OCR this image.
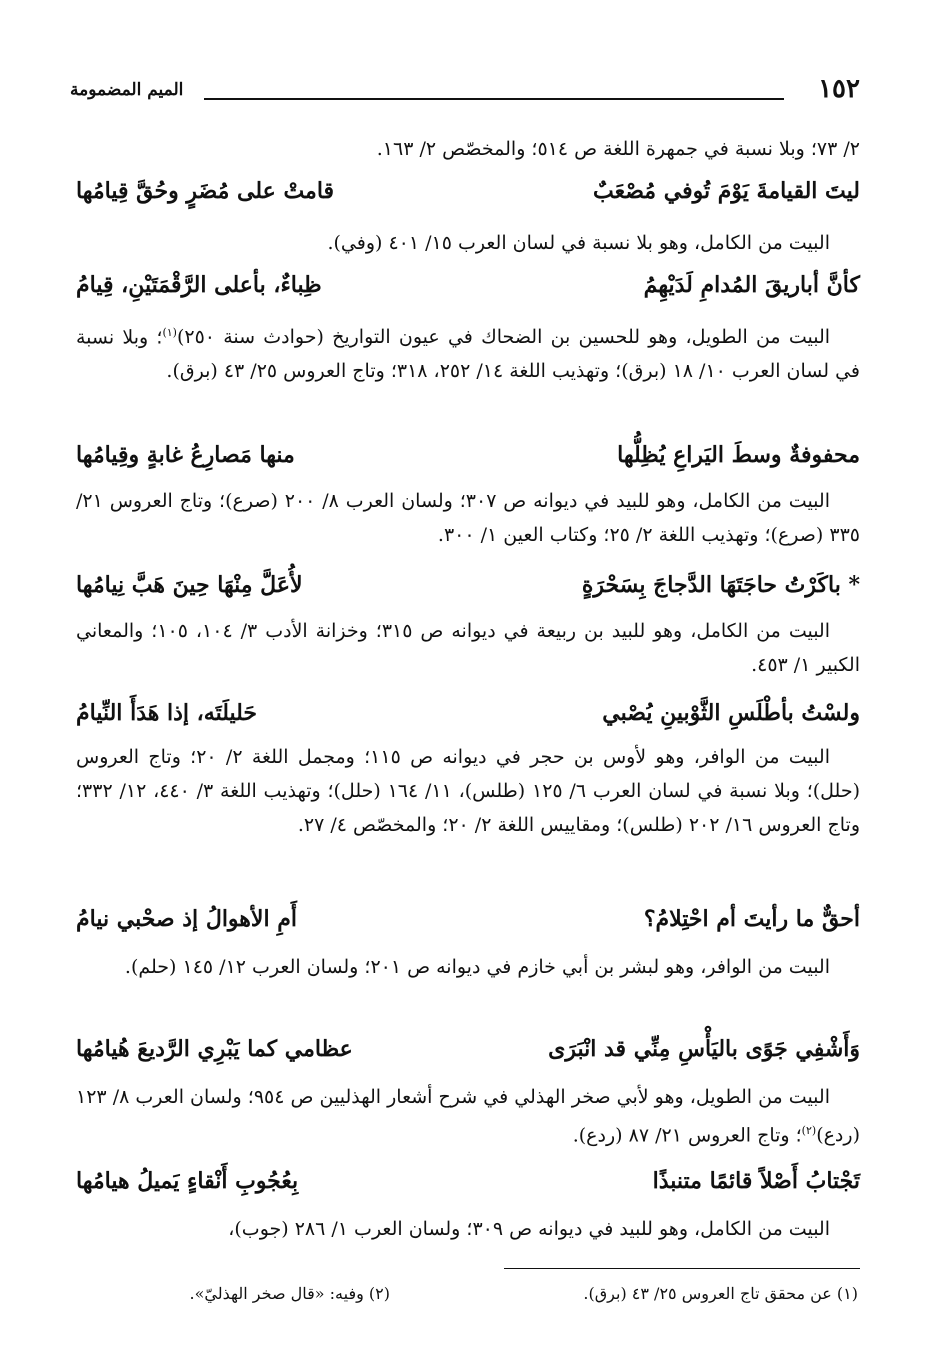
١٥٢
الميم المضمومة
٢/ ٧٣؛ وبلا نسبة في جمهرة اللغة ص ٥١٤؛ والمخصّص ٢/ ١٦٣.
ليتَ القيامةَ يَوْمَ تُوفي مُصْعَبٌ
قامتْ على مُضَرٍ وحُقَّ قِيامُها
البيت من الكامل، وهو بلا نسبة في لسان العرب ١٥/ ٤٠١ (وفي).
كأنَّ أباريقَ المُدامِ لَدَيْهِمُ
ظِباءٌ، بأعلى الرَّقْمَتَيْنِ، قِيامُ
البيت من الطويل، وهو للحسين بن الضحاك في عيون التواريخ (حوادث سنة ٢٥٠)$^{(١)}$؛ وبلا نسبة في لسان العرب ١٠/ ١٨ (برق)؛ وتهذيب اللغة ١٤/ ٢٥٢، ٣١٨؛ وتاج العروس ٢٥/ ٤٣ (برق).
محفوفةٌ وسطَ اليَراعِ يُظِلُّها
منها مَصارِعُ غابةٍ وقِيامُها
البيت من الكامل، وهو للبيد في ديوانه ص ٣٠٧؛ ولسان العرب ٨/ ٢٠٠ (صرع)؛ وتاج العروس ٢١/ ٣٣٥ (صرع)؛ وتهذيب اللغة ٢/ ٢٥؛ وكتاب العين ١/ ٣٠٠.
* باكَرْتُ حاجَتَهَا الدَّجاجَ بِسَحْرَةٍ
لأُعَلَّ مِنْهَا حِينَ هَبَّ نِيامُها
البيت من الكامل، وهو للبيد بن ربيعة في ديوانه ص ٣١٥؛ وخزانة الأدب ٣/ ١٠٤، ١٠٥؛ والمعاني الكبير ١/ ٤٥٣.
ولسْتُ بأطْلَسِ الثَّوْبينِ يُصْبي
حَليلَتَه، إذا هَدَأَ النِّيامُ
البيت من الوافر، وهو لأوس بن حجر في ديوانه ص ١١٥؛ ومجمل اللغة ٢/ ٢٠؛ وتاج العروس (حلل)؛ وبلا نسبة في لسان العرب ٦/ ١٢٥ (طلس)، ١١/ ١٦٤ (حلل)؛ وتهذيب اللغة ٣/ ٤٤٠، ١٢/ ٣٣٢؛ وتاج العروس ١٦/ ٢٠٢ (طلس)؛ ومقاييس اللغة ٢/ ٢٠؛ والمخصّص ٤/ ٢٧.
أحقٌّ ما رأيتَ أم احْتِلامُ؟
أَمِ الأهوالُ إذ صحْبي نيامُ
البيت من الوافر، وهو لبشر بن أبي خازم في ديوانه ص ٢٠١؛ ولسان العرب ١٢/ ١٤٥ (حلم).
وَأَشْفِي جَوًى باليَأْسِ مِنِّي قد انْبَرَى
عظامي كما يَبْرِي الرَّديعَ هُيامُها
البيت من الطويل، وهو لأبي صخر الهذلي في شرح أشعار الهذليين ص ٩٥٤؛ ولسان العرب ٨/ ١٢٣ (ردع)$^{(٢)}$؛ وتاج العروس ٢١/ ٨٧ (ردع).
تَجْتابُ أَصْلاً قائمًا متنبذًا
بِعُجُوبِ أَنْقاءٍ يَميلُ هيامُها
البيت من الكامل، وهو للبيد في ديوانه ص ٣٠٩؛ ولسان العرب ١/ ٢٨٦ (جوب)،
(١) عن محقق تاج العروس ٢٥/ ٤٣ (برق).
(٢) وفيه: «قال صخر الهذليّ».
